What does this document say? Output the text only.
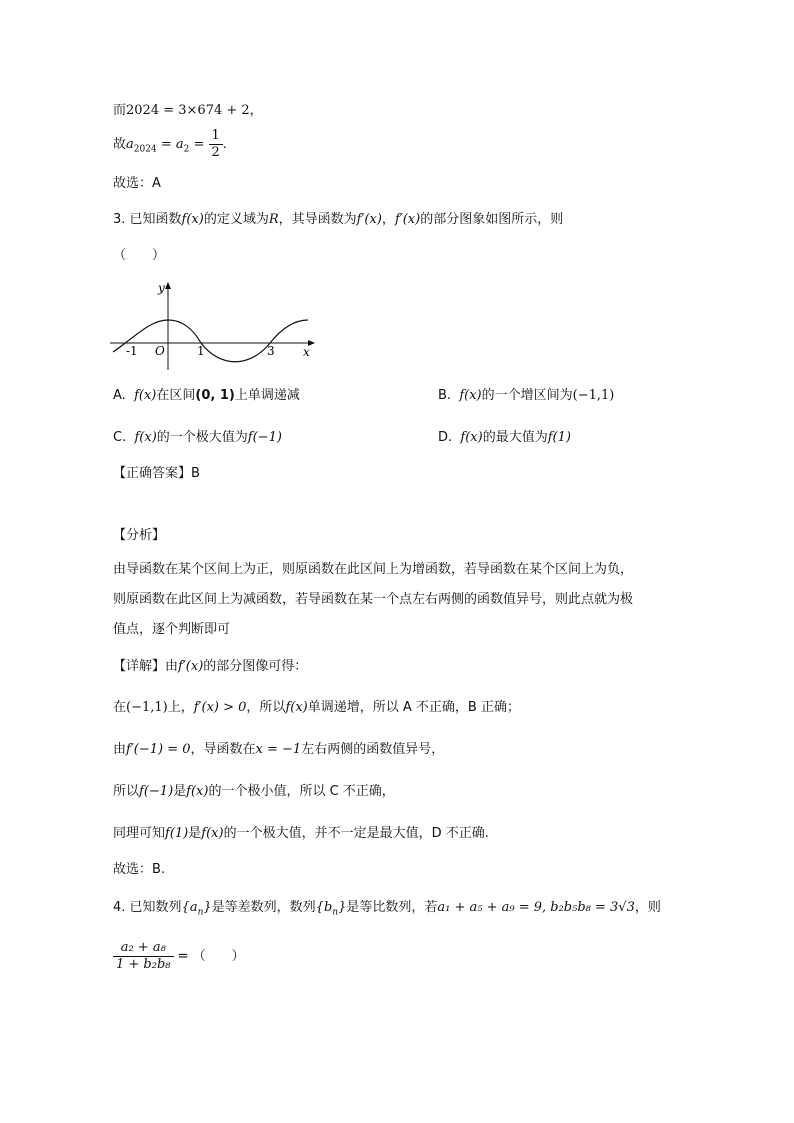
而2024 = 3×674 + 2，
故$a_{2024} = a_2 = \frac{1}{2}$ .
故选：A
3. 已知函数f(x)的定义域为R，其导函数为f′(x)，f′(x)的部分图象如图所示，则
（　　）
y
x
O
-1	1	3
A. f(x)在区间(0, 1)上单调递减	B. f(x)的一个增区间为(−1,1)
C. f(x)的一个极大值为f(−1)	D. f(x)的最大值为f(1)
【正确答案】B
【分析】
由导函数在某个区间上为正，则原函数在此区间上为增函数，若导函数在某个区间上为负，
则原函数在此区间上为减函数，若导函数在某一个点左右两侧的函数值异号，则此点就为极
值点，逐个判断即可
【详解】由f′(x)的部分图像可得：
在(−1,1)上，f′(x) > 0，所以f(x)单调递增，所以 A 不正确，B 正确；
由f′(−1) = 0，导函数在x = −1左右两侧的函数值异号，
所以f(−1)是f(x)的一个极小值，所以 C 不正确，
同理可知f(1)是f(x)的一个极大值，并不一定是最大值，D 不正确.
故选：B.
4. 已知数列$\{a_n\}$是等差数列，数列$\{b_n\}$是等比数列，若a₁ + a₅ + a₉ = 9, b₂b₅b₈ = 3√3，则
$\frac{\text{a₂ + a₈}}{\text{1 + b₂b₈}}$ = （　　）
